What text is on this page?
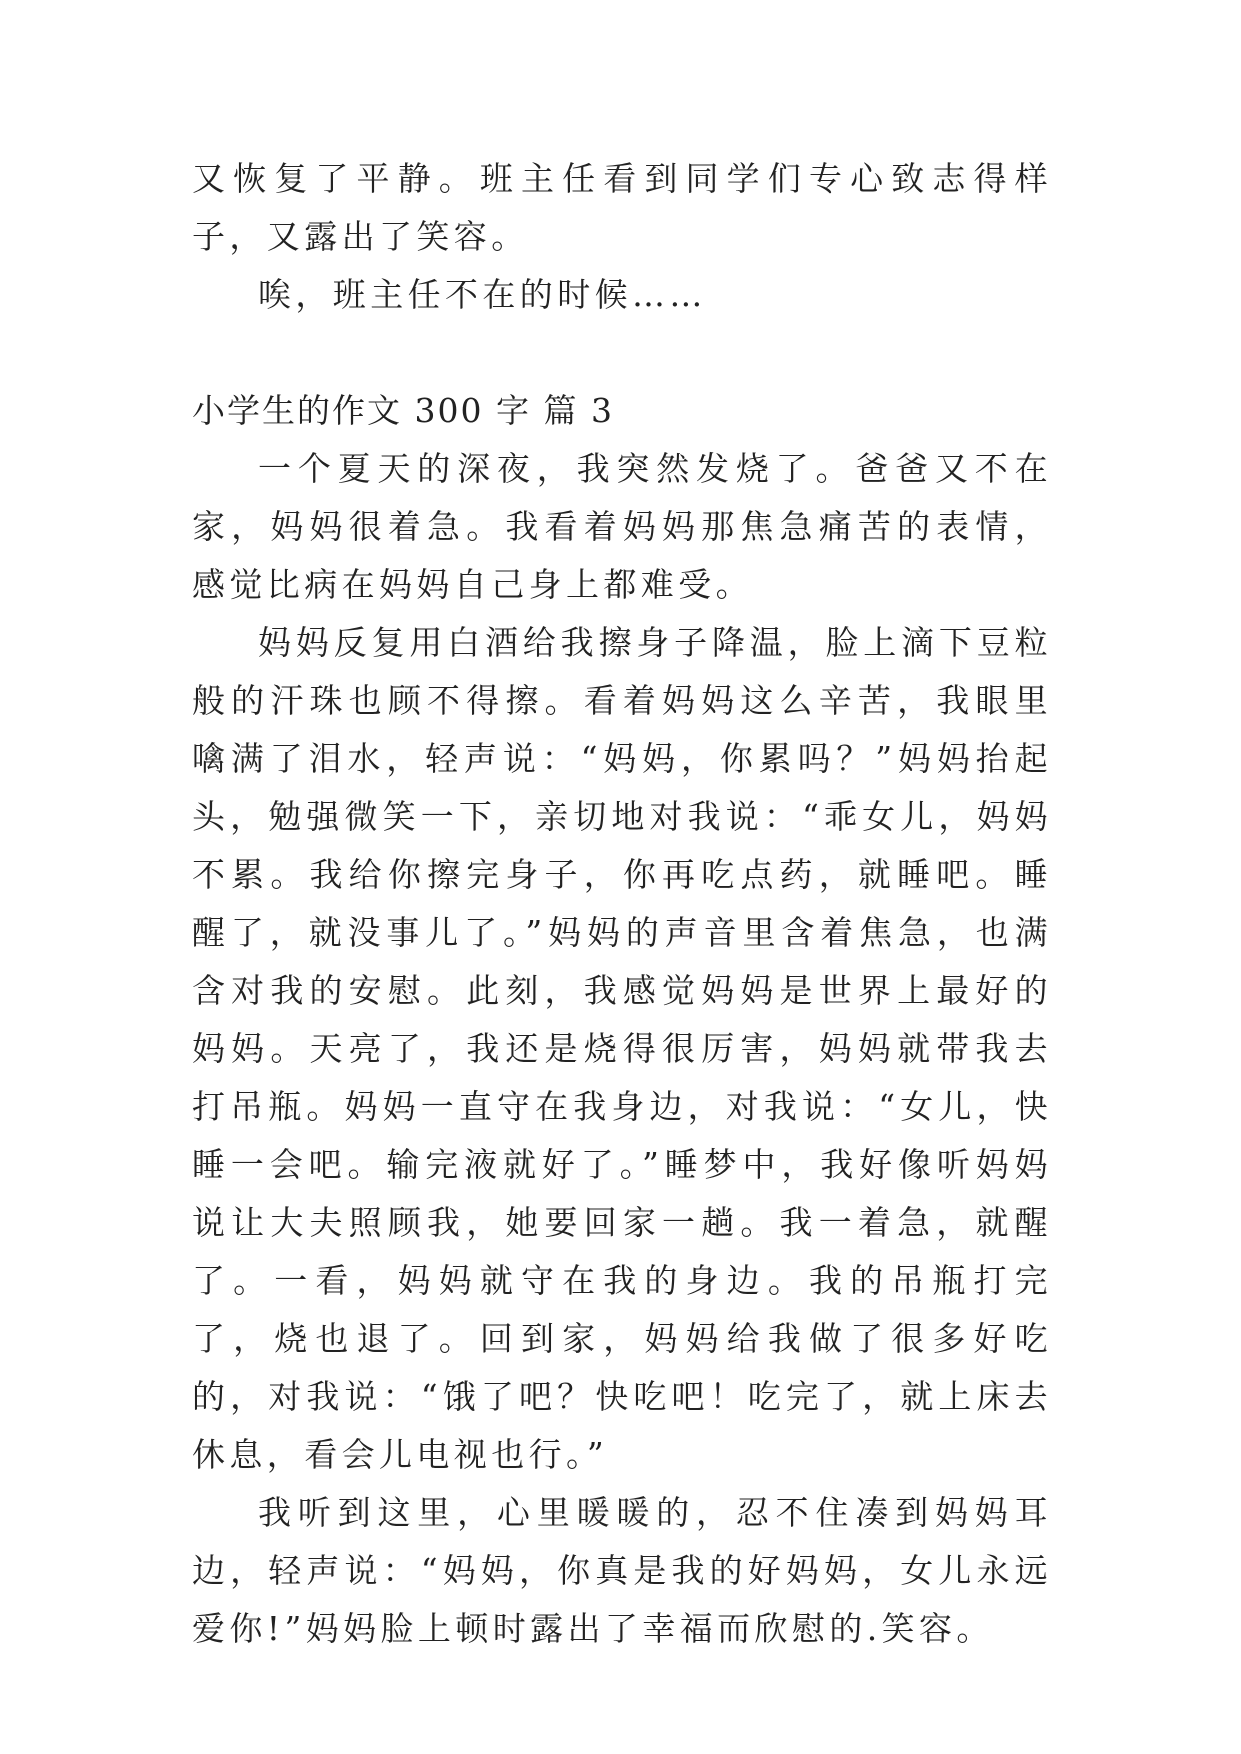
又恢复了平静。班主任看到同学们专心致志得样子，又露出了笑容。

唉，班主任不在的时候……

小学生的作文 300 字 篇 3

一个夏天的深夜，我突然发烧了。爸爸又不在家，妈妈很着急。我看着妈妈那焦急痛苦的表情，感觉比病在妈妈自己身上都难受。

妈妈反复用白酒给我擦身子降温，脸上滴下豆粒般的汗珠也顾不得擦。看着妈妈这么辛苦，我眼里噙满了泪水，轻声说：“妈妈，你累吗？”妈妈抬起头，勉强微笑一下，亲切地对我说：“乖女儿，妈妈不累。我给你擦完身子，你再吃点药，就睡吧。睡醒了，就没事儿了。”妈妈的声音里含着焦急，也满含对我的安慰。此刻，我感觉妈妈是世界上最好的妈妈。天亮了，我还是烧得很厉害，妈妈就带我去打吊瓶。妈妈一直守在我身边，对我说：“女儿，快睡一会吧。输完液就好了。”睡梦中，我好像听妈妈说让大夫照顾我，她要回家一趟。我一着急，就醒了。一看，妈妈就守在我的身边。我的吊瓶打完了，烧也退了。回到家，妈妈给我做了很多好吃的，对我说：“饿了吧？快吃吧！吃完了，就上床去休息，看会儿电视也行。”

我听到这里，心里暖暖的，忍不住凑到妈妈耳边，轻声说：“妈妈，你真是我的好妈妈，女儿永远爱你!”妈妈脸上顿时露出了幸福而欣慰的.笑容。
